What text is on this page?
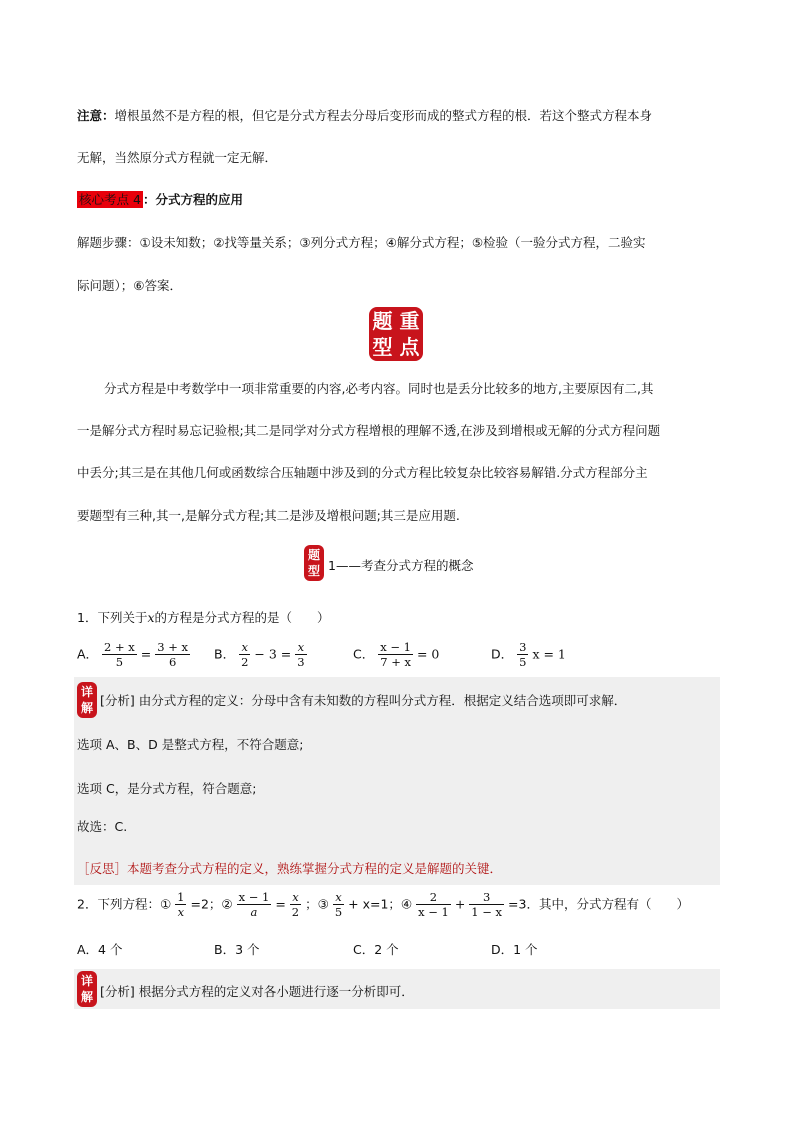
注意：增根虽然不是方程的根，但它是分式方程去分母后变形而成的整式方程的根．若这个整式方程本身
无解，当然原分式方程就一定无解．
核心考点 4 ：分式方程的应用
解题步骤：①设未知数；②找等量关系；③列分式方程；④解分式方程；⑤检验（一验分式方程，二验实
际问题）；⑥答案．
题 重
型 点
分式方程是中考数学中一项非常重要的内容,必考内容。同时也是丢分比较多的地方,主要原因有二,其
一是解分式方程时易忘记验根;其二是同学对分式方程增根的理解不透,在涉及到增根或无解的分式方程问题
中丢分;其三是在其他几何或函数综合压轴题中涉及到的分式方程比较复杂比较容易解错.分式方程部分主
要题型有三种,其一,是解分式方程;其二是涉及增根问题;其三是应用题.
题
型 1——考查分式方程的概念
1．下列关于x的方程是分式方程的是（　　）
A． $\frac{2 + x}{5} = \frac{3 + x}{6}$ B． $\frac{x}{2} - 3 = \frac{x}{3}$	C． $\frac{x - 1}{7 + x} = 0$	D． $\frac{3}{5}$ x = 1
详
解 [分析] 由分式方程的定义：分母中含有未知数的方程叫分式方程．根据定义结合选项即可求解．
选项 A、B、D 是整式方程，不符合题意;
选项 C，是分式方程，符合题意;
故选：C.
［反思］本题考查分式方程的定义，熟练掌握分式方程的定义是解题的关键．
2．下列方程：① $\frac{1}{x} =2$；② $\frac{x - 1}{a} = \frac{x}{2}$ ；③ $\frac{x}{5} + x=1$；④ $\frac{2}{x - 1} + \frac{3}{1 - x} =3$．其中，分式方程有（　　）
A．4 个	B．3 个	C．2 个	D．1 个
详
解 [分析] 根据分式方程的定义对各小题进行逐一分析即可．
